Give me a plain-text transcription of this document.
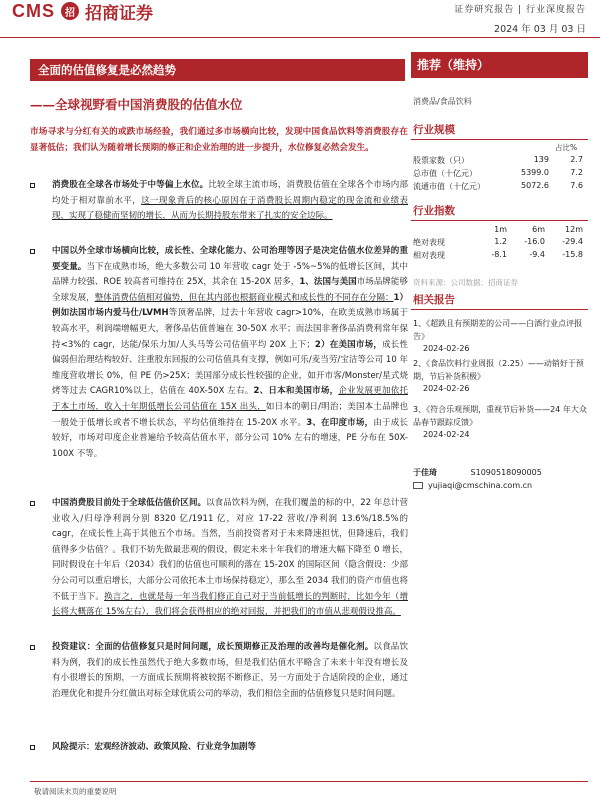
CMS	招 招商证券	证券研究报告 | 行业深度报告
2024 年 03 月 03 日
全面的估值修复是必然趋势
——全球视野看中国消费股的估值水位
市场寻求与分红有关的或跌市场经验，我们通过多市场横向比较，发现中国食品饮料等消费股存在显著低估；我们认为随着增长预期的修正和企业治理的进一步提升，水位修复必然会发生。
消费股在全球各市场处于中等偏上水位。比较全球主流市场，消费股估值在全球各个市场内部均处于相对靠前水平，这一现象背后的核心原因在于消费股长周期内稳定的现金流和业绩表现，实现了稳健而坚韧的增长，从而为长期持股东带来了扎实的安全边际。
中国以外全球市场横向比较，成长性、全球化能力、公司治理等因子是决定估值水位差异的重要变量。当下在成熟市场，绝大多数公司 10 年营收 cagr 处于 -5%~5%的低增长区间，其中品牌力较强、ROE 较高者可维持在 25X，其余在 15-20X 居多，1、法国与美国市场品牌能够全球发展，整体消费估值相对偏势，但在其内部也根据商业模式和成长性的不同存在分隔：1）例如法国市场内爱马仕/LVMH等顶奢品牌，过去十年营收 cagr>10%，在欧美成熟市场属于较高水平，利润端增幅更大，奢侈品估值普遍在 30-50X 水平；而法国非奢侈品消费利常年保持<3%的 cagr，达能/保乐力加/人头马等公司估值平均 20X 上下；2）在美国市场，成长性偏弱但治理结构较好、注重股东回报的公司估值具有支撑，例如可乐/麦当劳/宝洁等公司 10 年维度营收增长 0%，但 PE 仍>25X；美国部分成长性较强的企业，如开市客/Monster/星式烧烤等过去 CAGR10%以上，估值在 40X-50X 左右。2、日本和美国市场，企业发展更加依托于本土市场，收入十年期低增长公司估值在 15X 出头，如日本的朝日/明治；美国本土品牌也一般处于低增长或者不增长状态，平均估值维持在 15-20X 水平。3、在印度市场，由于成长较好，市场对印度企业普遍给予较高估值水平，部分公司 10% 左右的增速，PE 分布在 50X-100X 不等。
中国消费股目前处于全球低估值价区间。以食品饮料为例，在我们覆盖的标的中，22 年总计营业收入/归母净利润分别 8320 亿/1911 亿，对应 17-22 营收/净利润 13.6%/18.5%的 cagr，在成长性上高于其他五个市场。当然，当前投资者对于未来降速担忧，但降速后，我们值得多少估值？。我们不妨先做最悲观的假设，假定未来十年我们的增速大幅下降至 0 增长，同时假设在十年后（2034）我们的估值也可顺利的落在 15-20X 的国际区间（隐含假设：少部分公司可以重启增长，大部分公司依托本土市场保持稳定），那么至 2034 我们的资产市值也将不低于当下。换言之，也就是每一年当我们修正自己对于当前低增长的判断时，比如今年（增长将大概落在 15%左右），我们将会获得相应的绝对回报，并把我们的市值从悲观假设推高。
投资建议：全面的估值修复只是时间问题，成长预期修正及治理的改善均是催化剂。以食品饮料为例，我们的成长性虽然代于绝大多数市场，但是我们估值水平略含了未来十年没有增长及有小很增长的预期，一方面成长预期将被较据不断修正，另一方面处于合适阶段的企业，通过治理优化和提升分红做出对标全球优质公司的举动，我们相信全面的估值修复只是时间问题。
风险提示：宏观经济波动、政策风险、行业竞争加剧等
推荐（维持）
消费品/食品饮料
行业规模
占比%
股票家数（只）	139	2.7
总市值（十亿元）	5399.0	7.2
流通市值（十亿元）	5072.6	7.6
行业指数
1m	6m	12m
绝对表现	1.2	-16.0	-29.4
相对表现	-8.1	-9.4	-15.8
资料来源：公司数据、招商证券
相关报告
1、《超跌且有预期差的公司——白酒行业点评报告》
2024-02-26
2、《食品饮料行业周报（2.25）——动销好于预期，节后补货积极》
2024-02-26
3、《符合乐观预期，重视节后补货——24 年大众品春节跟踪反馈》
2024-02-24
于佳琦	S1090518090005
yujiaqi@cmschina.com.cn
敬请阅读末页的重要说明
